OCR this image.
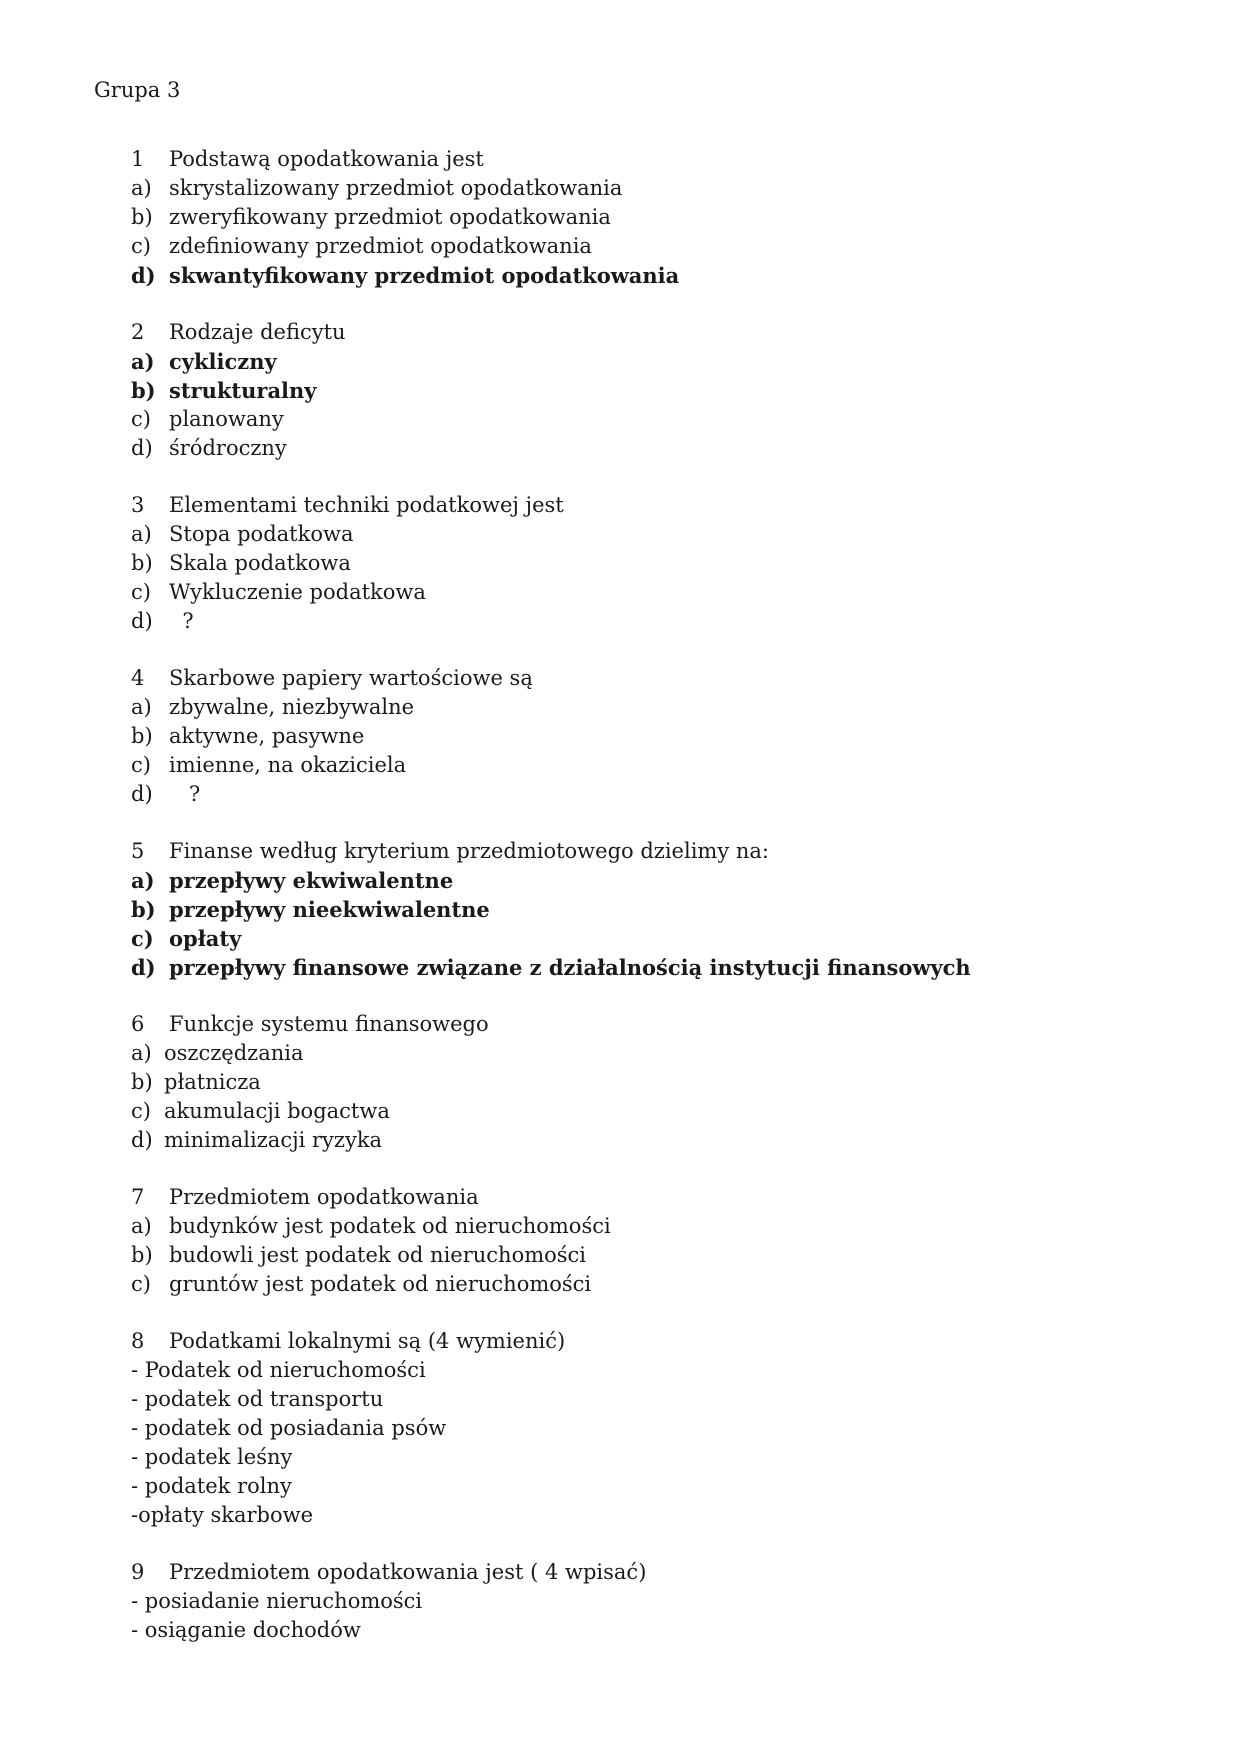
Grupa 3
1 Podstawą opodatkowania jest
a) skrystalizowany przedmiot opodatkowania
b) zweryfikowany przedmiot opodatkowania
c) zdefiniowany przedmiot opodatkowania
d) skwantyfikowany przedmiot opodatkowania
2 Rodzaje deficytu
a) cykliczny
b) strukturalny
c) planowany
d) śródroczny
3 Elementami techniki podatkowej jest
a) Stopa podatkowa
b) Skala podatkowa
c) Wykluczenie podatkowa
d) ?
4 Skarbowe papiery wartościowe są
a) zbywalne, niezbywalne
b) aktywne, pasywne
c) imienne, na okaziciela
d) ?
5 Finanse według kryterium przedmiotowego dzielimy na:
a) przepływy ekwiwalentne
b) przepływy nieekwiwalentne
c) opłaty
d) przepływy finansowe związane z działalnością instytucji finansowych
6 Funkcje systemu finansowego
a) oszczędzania
b) płatnicza
c) akumulacji bogactwa
d) minimalizacji ryzyka
7 Przedmiotem opodatkowania
a) budynków jest podatek od nieruchomości
b) budowli jest podatek od nieruchomości
c) gruntów jest podatek od nieruchomości
8 Podatkami lokalnymi są (4 wymienić)
- Podatek od nieruchomości
- podatek od transportu
- podatek od posiadania psów
- podatek leśny
- podatek rolny
-opłaty skarbowe
9 Przedmiotem opodatkowania jest ( 4 wpisać)
- posiadanie nieruchomości
- osiąganie dochodów
